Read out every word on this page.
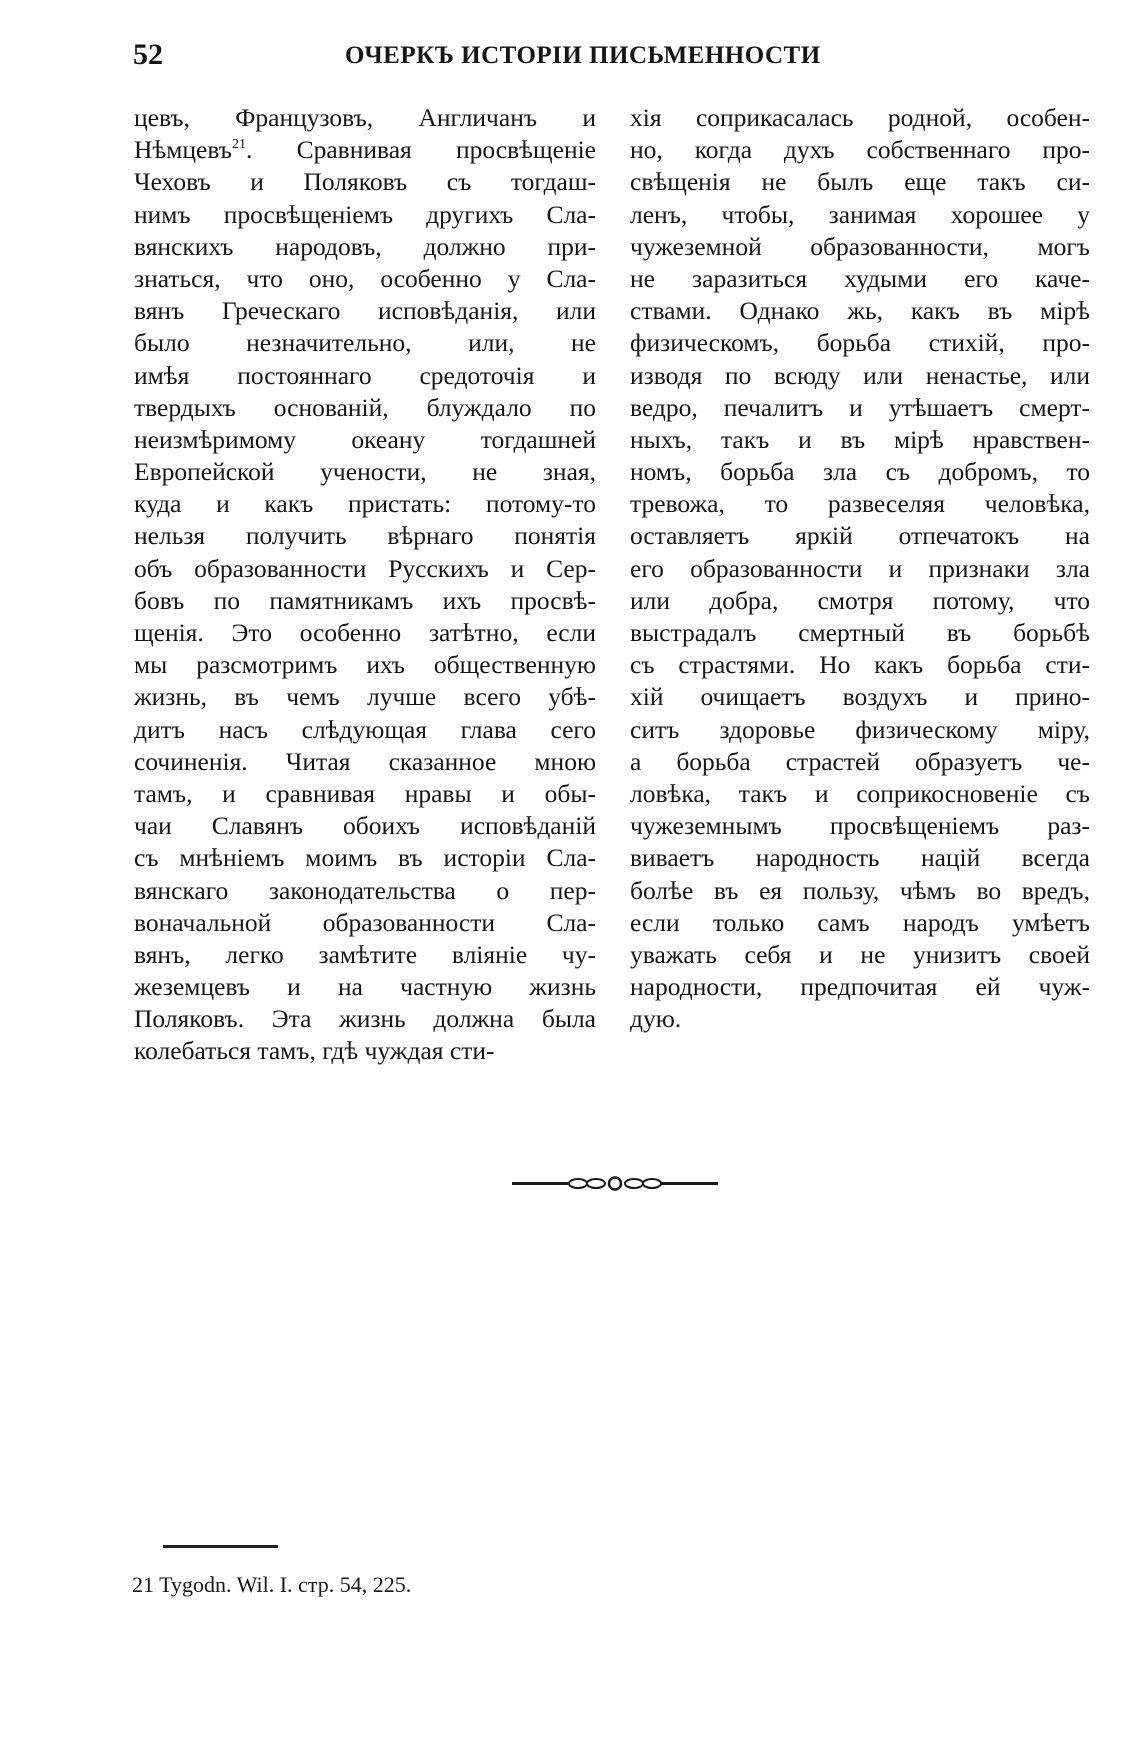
52	ОЧЕРКЪ ИСТОРІИ ПИСЬМЕННОСТИ
цевъ, Французовъ, Англичанъ и
Нѣмцевъ$^{21}$. Сравнивая просвѣщеніе
Чеховъ и Поляковъ съ тогдаш-
нимъ просвѣщеніемъ другихъ Сла-
вянскихъ народовъ, должно при-
знаться, что оно, особенно у Сла-
вянъ Греческаго исповѣданія, или
было незначительно, или, не
имѣя постояннаго средоточія и
твердыхъ основаній, блуждало по
неизмѣримому океану тогдашней
Европейской учености, не зная,
куда и какъ пристать: потому-то
нельзя получить вѣрнаго понятія
объ образованности Русскихъ и Сер-
бовъ по памятникамъ ихъ просвѣ-
щенія. Это особенно затѣтно, если
мы разсмотримъ ихъ общественную
жизнь, въ чемъ лучше всего убѣ-
дитъ насъ слѣдующая глава сего
сочиненія. Читая сказанное мною
тамъ, и сравнивая нравы и обы-
чаи Славянъ обоихъ исповѣданій
съ мнѣніемъ моимъ въ исторіи Сла-
вянскаго законодательства о пер-
воначальной образованности Сла-
вянъ, легко замѣтите вліяніе чу-
жеземцевъ и на частную жизнь
Поляковъ. Эта жизнь должна была
колебаться тамъ, гдѣ чуждая сти-
хія соприкасалась родной, особен-
но, когда духъ собственнаго про-
свѣщенія не былъ еще такъ си-
ленъ, чтобы, занимая хорошее у
чужеземной образованности, могъ
не заразиться худыми его каче-
ствами. Однако жь, какъ въ мірѣ
физическомъ, борьба стихій, про-
изводя по всюду или ненастье, или
ведро, печалитъ и утѣшаетъ смерт-
ныхъ, такъ и въ мірѣ нравствен-
номъ, борьба зла съ добромъ, то
тревожа, то развеселяя человѣка,
оставляетъ яркій отпечатокъ на
его образованности и признаки зла
или добра, смотря потому, что
выстрадалъ смертный въ борьбѣ
съ страстями. Но какъ борьба сти-
хій очищаетъ воздухъ и прино-
ситъ здоровье физическому міру,
а борьба страстей образуетъ че-
ловѣка, такъ и соприкосновеніе съ
чужеземнымъ просвѣщеніемъ раз-
виваетъ народность націй всегда
болѣе въ ея пользу, чѣмъ во вредъ,
если только самъ народъ умѣетъ
уважать себя и не унизитъ своей
народности, предпочитая ей чуж-
дую.
21 Tygodn. Wil. I. стр. 54, 225.
